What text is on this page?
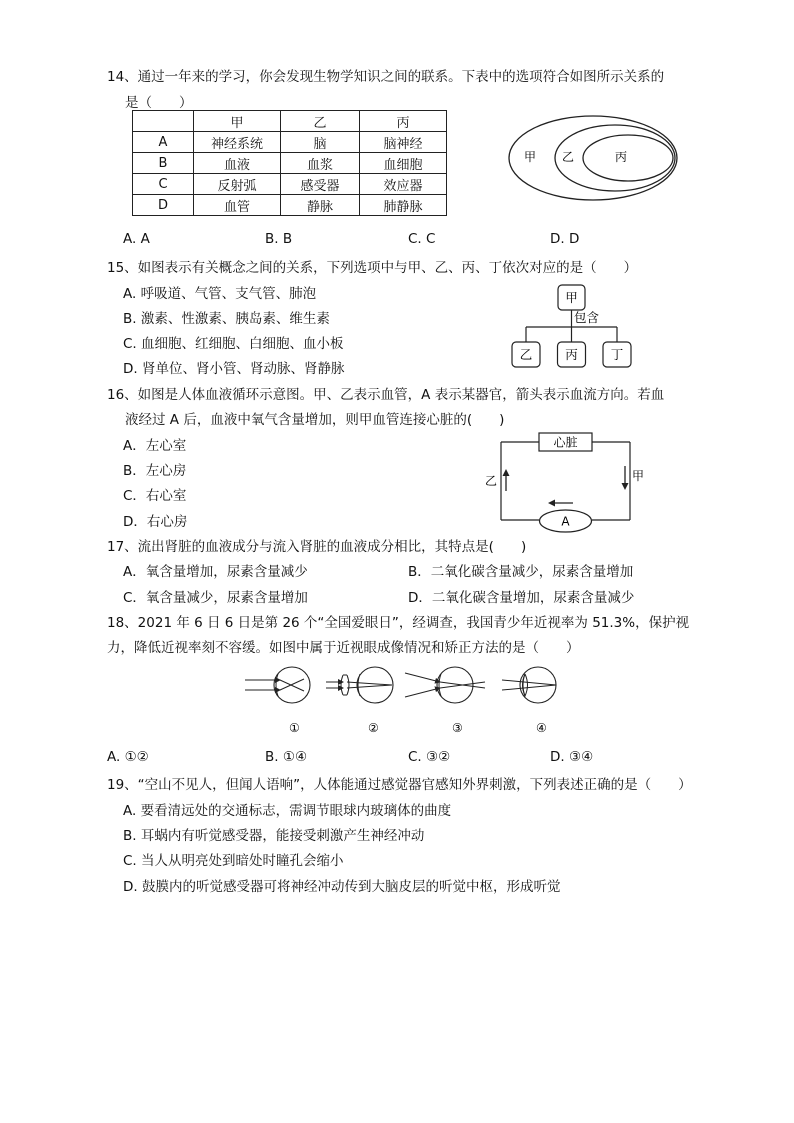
14、通过一年来的学习，你会发现生物学知识之间的联系。下表中的选项符合如图所示关系的
是（　　）
	甲	乙	丙
A	神经系统	脑	脑神经
B	血液	血浆	血细胞
C	反射弧	感受器	效应器
D	血管	静脉	肺静脉
甲 乙	丙
A. A	B. B	C. C	D. D
15、如图表示有关概念之间的关系，下列选项中与甲、乙、丙、丁依次对应的是（　　）
A. 呼吸道、气管、支气管、肺泡
B. 激素、性激素、胰岛素、维生素
C. 血细胞、红细胞、白细胞、血小板
D. 肾单位、肾小管、肾动脉、肾静脉
甲
包含
乙	丙	丁
16、如图是人体血液循环示意图。甲、乙表示血管，A 表示某器官，箭头表示血流方向。若血
液经过 A 后，血液中氧气含量增加，则甲血管连接心脏的(　　)
A．左心室
B．左心房
C．右心室
D．右心房
心脏
A
乙	甲
17、流出肾脏的血液成分与流入肾脏的血液成分相比，其特点是(　　)
A．氧含量增加，尿素含量减少	B．二氧化碳含量减少，尿素含量增加
C．氧含量减少，尿素含量增加	D．二氧化碳含量增加，尿素含量减少
18、2021 年 6 日 6 日是第 26 个“全国爱眼日”，经调查，我国青少年近视率为 51.3%，保护视
力，降低近视率刻不容缓。如图中属于近视眼成像情况和矫正方法的是（　　）
①	②	③	④
A. ①②	B. ①④	C. ③②	D. ③④
19、“空山不见人，但闻人语响”，人体能通过感觉器官感知外界刺激，下列表述正确的是（　　）
A. 要看清远处的交通标志，需调节眼球内玻璃体的曲度
B. 耳蜗内有听觉感受器，能接受刺激产生神经冲动
C. 当人从明亮处到暗处时瞳孔会缩小
D. 鼓膜内的听觉感受器可将神经冲动传到大脑皮层的听觉中枢，形成听觉
